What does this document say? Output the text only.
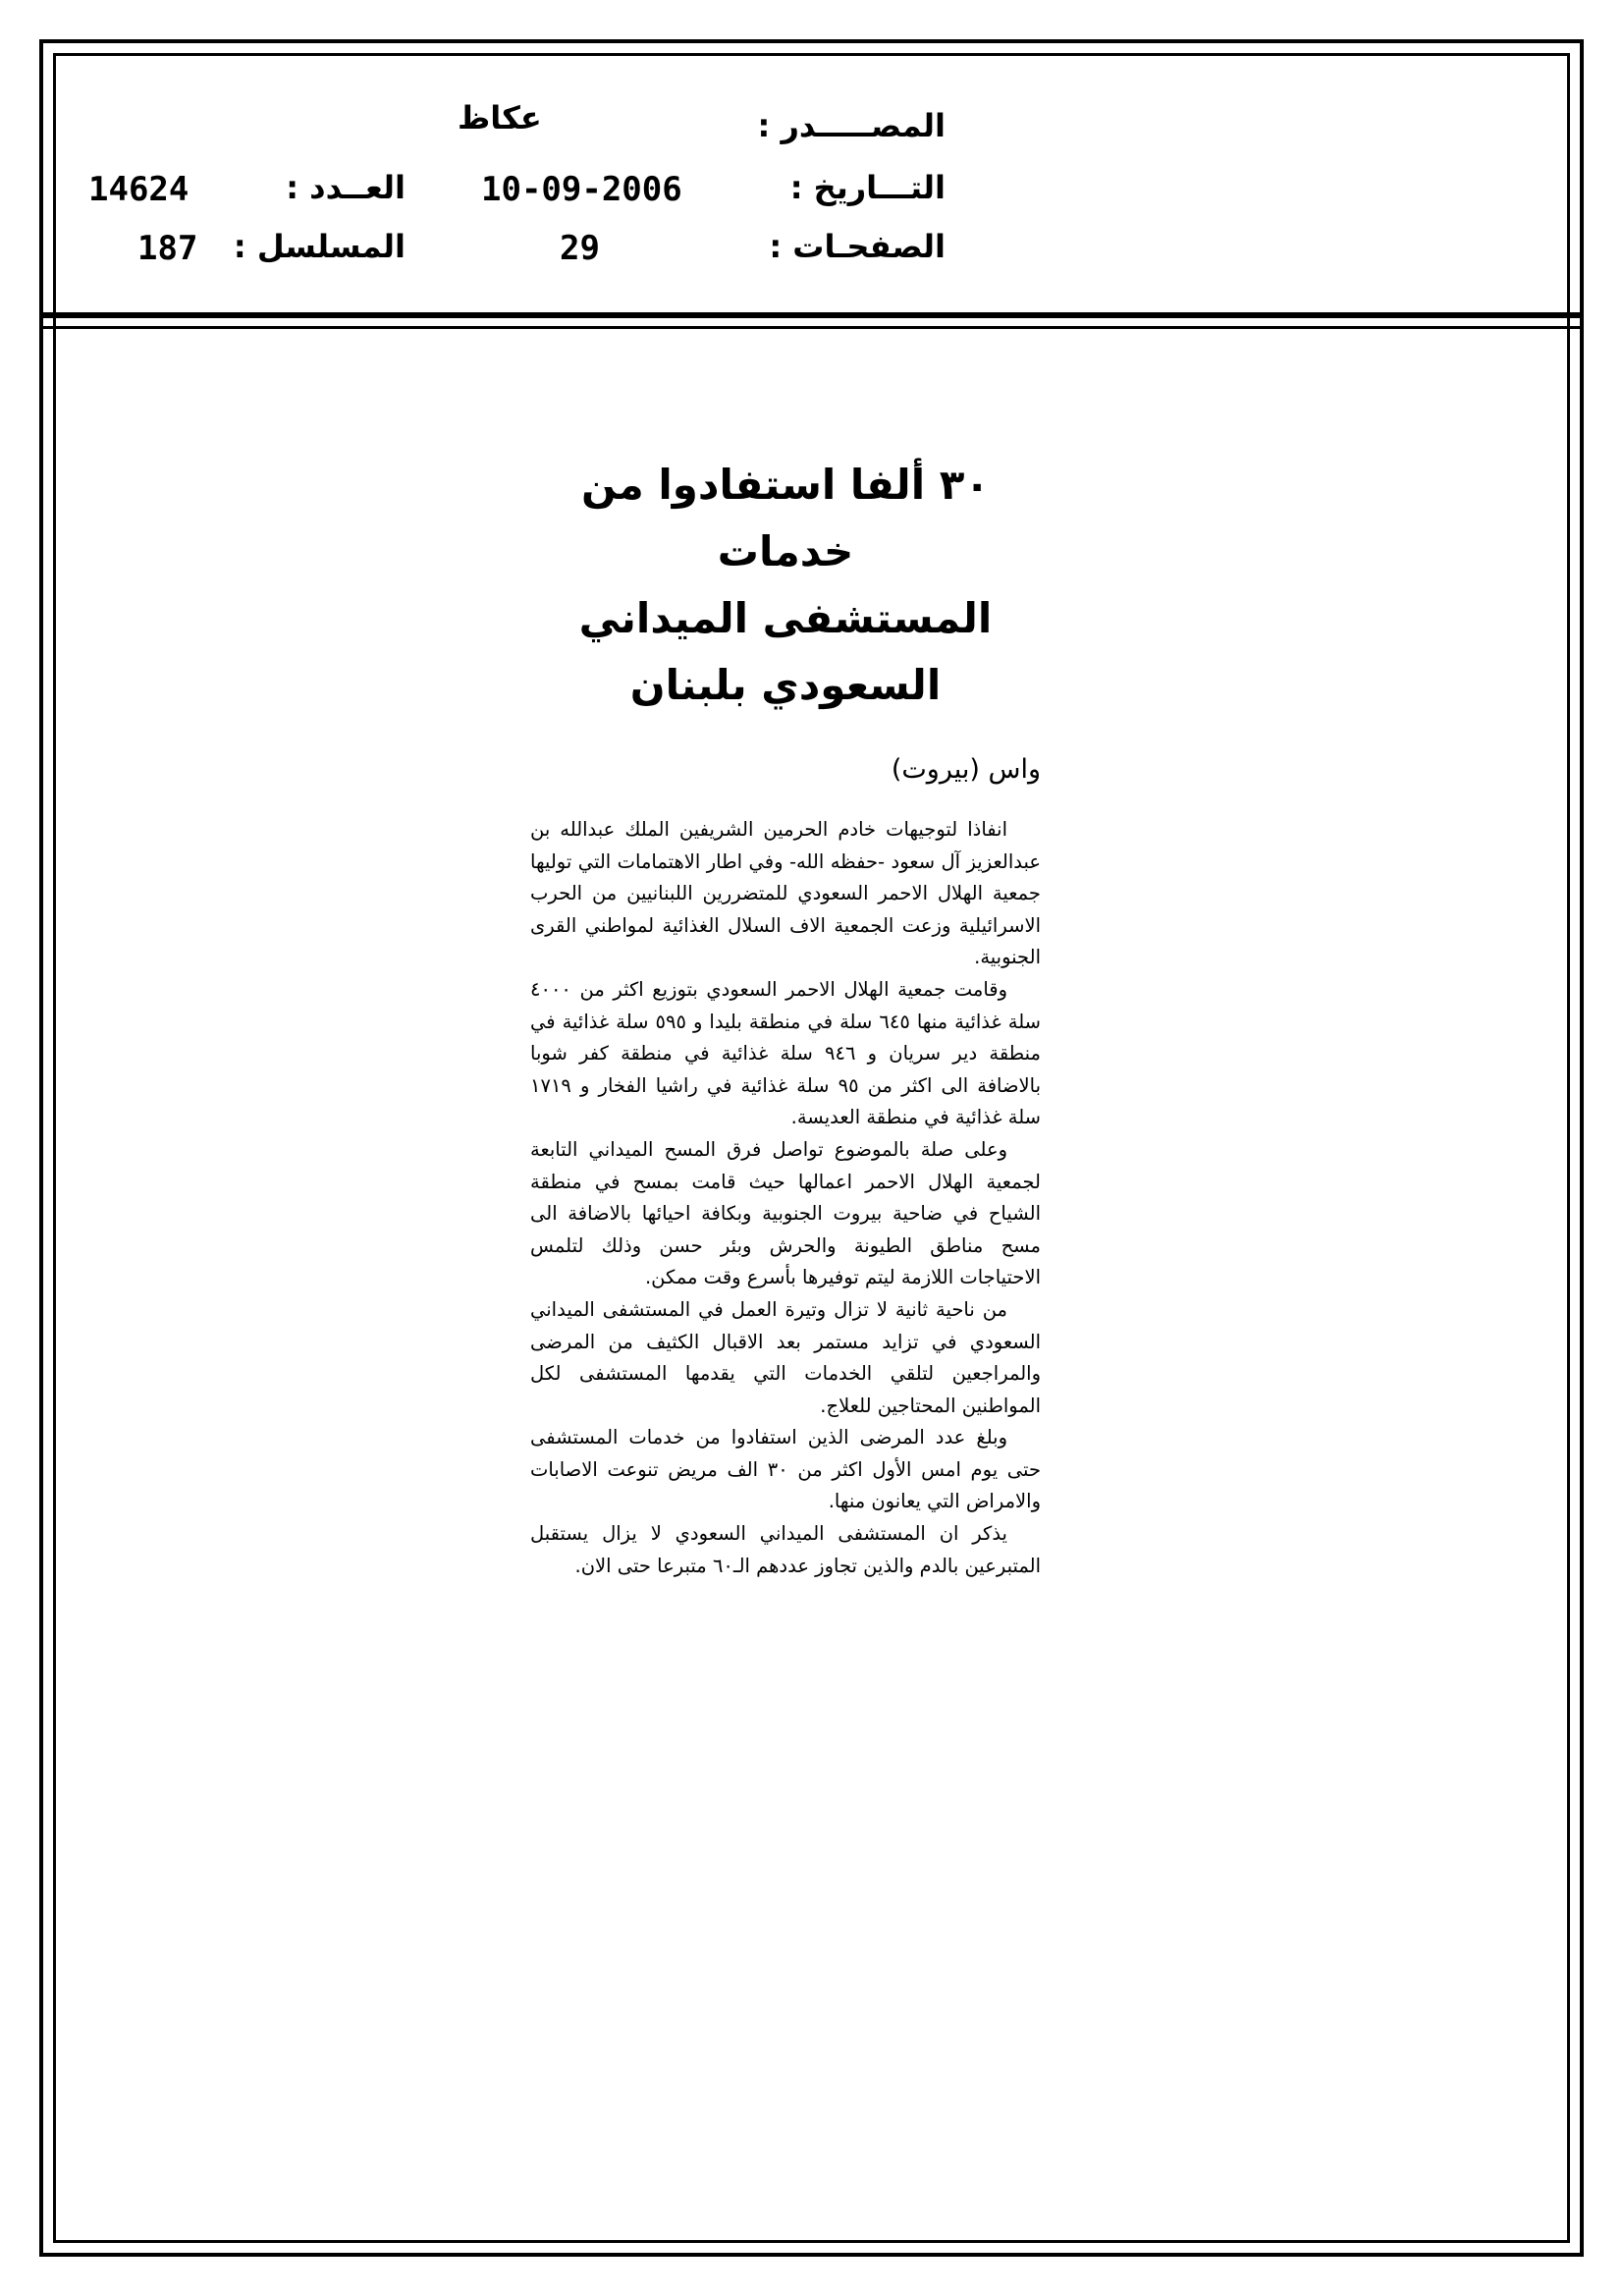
المصـــــدر :
عكاظ
التـــاريخ :
10-09-2006
العــدد :
14624
الصفحـات :
29
المسلسل :
187
٣٠ ألفا استفادوا من خدمات
المستشفى الميداني السعودي بلبنان
واس (بيروت)

انفاذا لتوجيهات خادم الحرمين الشريفين الملك عبدالله بن عبدالعزيز آل سعود -حفظه الله- وفي اطار الاهتمامات التي توليها جمعية الهلال الاحمر السعودي للمتضررين اللبنانيين من الحرب الاسرائيلية وزعت الجمعية الاف السلال الغذائية لمواطني القرى الجنوبية.

وقامت جمعية الهلال الاحمر السعودي بتوزيع اكثر من ٤٠٠٠ سلة غذائية منها ٦٤٥ سلة في منطقة بليدا و ٥٩٥ سلة غذائية في منطقة دير سريان و ٩٤٦ سلة غذائية في منطقة كفر شوبا بالاضافة الى اكثر من ٩٥ سلة غذائية في راشيا الفخار و ١٧١٩ سلة غذائية في منطقة العديسة.

وعلى صلة بالموضوع تواصل فرق المسح الميداني التابعة لجمعية الهلال الاحمر اعمالها حيث قامت بمسح في منطقة الشياح في ضاحية بيروت الجنوبية وبكافة احيائها بالاضافة الى مسح مناطق الطيونة والحرش وبئر حسن وذلك لتلمس الاحتياجات اللازمة ليتم توفيرها بأسرع وقت ممكن.

من ناحية ثانية لا تزال وتيرة العمل في المستشفى الميداني السعودي في تزايد مستمر بعد الاقبال الكثيف من المرضى والمراجعين لتلقي الخدمات التي يقدمها المستشفى لكل المواطنين المحتاجين للعلاج.

وبلغ عدد المرضى الذين استفادوا من خدمات المستشفى حتى يوم امس الأول اكثر من ٣٠ الف مريض تنوعت الاصابات والامراض التي يعانون منها.

يذكر ان المستشفى الميداني السعودي لا يزال يستقبل المتبرعين بالدم والذين تجاوز عددهم الـ٦٠ متبرعا حتى الان.
